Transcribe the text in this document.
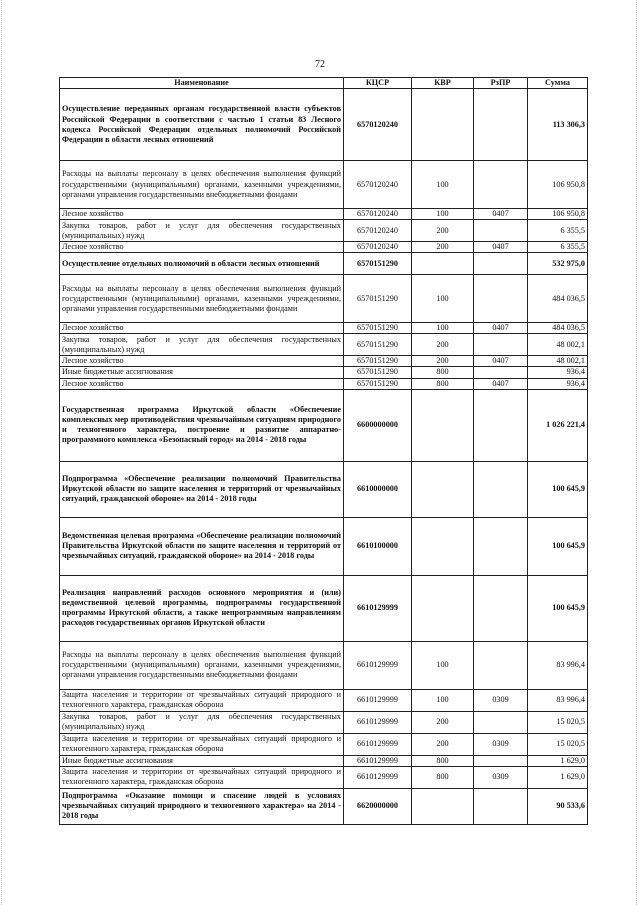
72
Наименование	КЦСР	КВР	РзПР	Сумма
Осуществление переданных органам государственной власти субъектов Российской Федерации в соответствии с частью 1 статьи 83 Лесного кодекса Российской Федерации отдельных полномочий Российской Федерации в области лесных отношений	6570120240			113 306,3
Расходы на выплаты персоналу в целях обеспечения выполнения функций государственными (муниципальными) органами, казенными учреждениями, органами управления государственными внебюджетными фондами	6570120240	100		106 950,8
Лесное хозяйство	6570120240	100	0407	106 950,8
Закупка товаров, работ и услуг для обеспечения государственных (муниципальных) нужд	6570120240	200		6 355,5
Лесное хозяйство	6570120240	200	0407	6 355,5
Осуществление отдельных полномочий в области лесных отношений	6570151290			532 975,0
Расходы на выплаты персоналу в целях обеспечения выполнения функций государственными (муниципальными) органами, казенными учреждениями, органами управления государственными внебюджетными фондами	6570151290	100		484 036,5
Лесное хозяйство	6570151290	100	0407	484 036,5
Закупка товаров, работ и услуг для обеспечения государственных (муниципальных) нужд	6570151290	200		48 002,1
Лесное хозяйство	6570151290	200	0407	48 002,1
Иные бюджетные ассигнования	6570151290	800		936,4
Лесное хозяйство	6570151290	800	0407	936,4
Государственная программа Иркутской области «Обеспечение комплексных мер противодействия чрезвычайным ситуациям природного и техногенного характера, построение и развитие аппаратно-программного комплекса «Безопасный город» на 2014 - 2018 годы	6600000000			1 026 221,4
Подпрограмма «Обеспечение реализации полномочий Правительства Иркутской области по защите населения и территорий от чрезвычайных ситуаций, гражданской обороне» на 2014 - 2018 годы	6610000000			100 645,9
Ведомственная целевая программа «Обеспечение реализации полномочий Правительства Иркутской области по защите населения и территорий от чрезвычайных ситуаций, гражданской обороне» на 2014 - 2018 годы	6610100000			100 645,9
Реализация направлений расходов основного мероприятия и (или) ведомственной целевой программы, подпрограммы государственной программы Иркутской области, а также непрограммным направлениям расходов государственных органов Иркутской области	6610129999			100 645,9
Расходы на выплаты персоналу в целях обеспечения выполнения функций государственными (муниципальными) органами, казенными учреждениями, органами управления государственными внебюджетными фондами	6610129999	100		83 996,4
Защита населения и территории от чрезвычайных ситуаций природного и техногенного характера, гражданская оборона	6610129999	100	0309	83 996,4
Закупка товаров, работ и услуг для обеспечения государственных (муниципальных) нужд	6610129999	200		15 020,5
Защита населения и территории от чрезвычайных ситуаций природного и техногенного характера, гражданская оборона	6610129999	200	0309	15 020,5
Иные бюджетные ассигнования	6610129999	800		1 629,0
Защита населения и территории от чрезвычайных ситуаций природного и техногенного характера, гражданская оборона	6610129999	800	0309	1 629,0
Подпрограмма «Оказание помощи и спасение людей в условиях чрезвычайных ситуаций природного и техногенного характера» на 2014 - 2018 годы	6620000000			90 533,6
